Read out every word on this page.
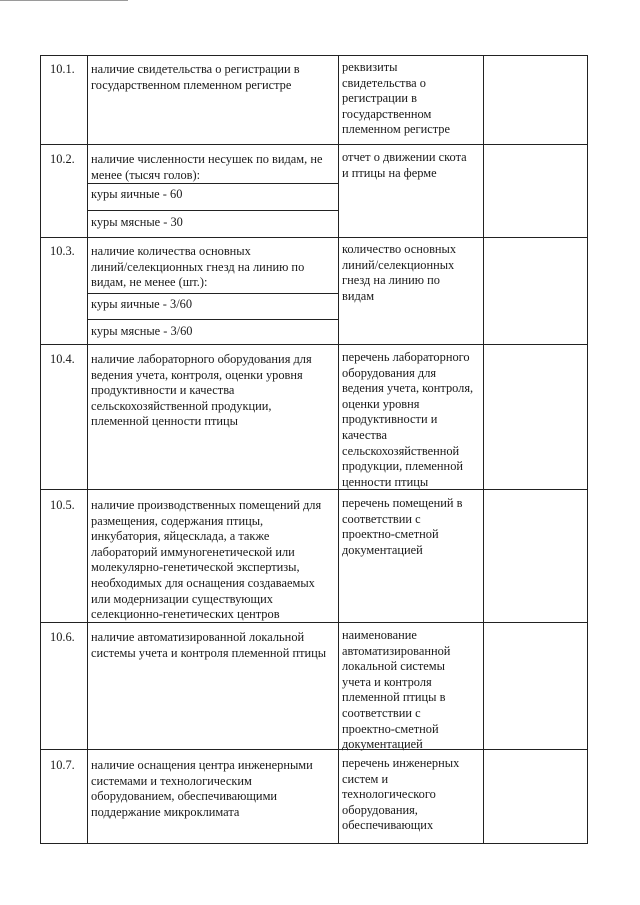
10.1. наличие свидетельства о регистрации в
государственном племенном регистре
реквизиты
свидетельства о
регистрации в
государственном
племенном регистре
10.2. наличие численности несушек по видам, не
менее (тысяч голов):
куры яичные - 60
куры мясные - 30
отчет о движении скота
и птицы на ферме
10.3. наличие количества основных
линий/селекционных гнезд на линию по
видам, не менее (шт.):
куры яичные - 3/60
куры мясные - 3/60
количество основных
линий/селекционных
гнезд на линию по
видам
10.4. наличие лабораторного оборудования для
ведения учета, контроля, оценки уровня
продуктивности и качества
сельскохозяйственной продукции,
племенной ценности птицы
перечень лабораторного
оборудования для
ведения учета, контроля,
оценки уровня
продуктивности и
качества
сельскохозяйственной
продукции, племенной
ценности птицы
10.5. наличие производственных помещений для
размещения, содержания птицы,
инкубатория, яйцесклада, а также
лабораторий иммуногенетической или
молекулярно-генетической экспертизы,
необходимых для оснащения создаваемых
или модернизации существующих
селекционно-генетических центров
перечень помещений в
соответствии с
проектно-сметной
документацией
10.6. наличие автоматизированной локальной
системы учета и контроля племенной птицы
наименование
автоматизированной
локальной системы
учета и контроля
племенной птицы в
соответствии с
проектно-сметной
документацией
10.7. наличие оснащения центра инженерными
системами и технологическим
оборудованием, обеспечивающими
поддержание микроклимата
перечень инженерных
систем и
технологического
оборудования,
обеспечивающих
